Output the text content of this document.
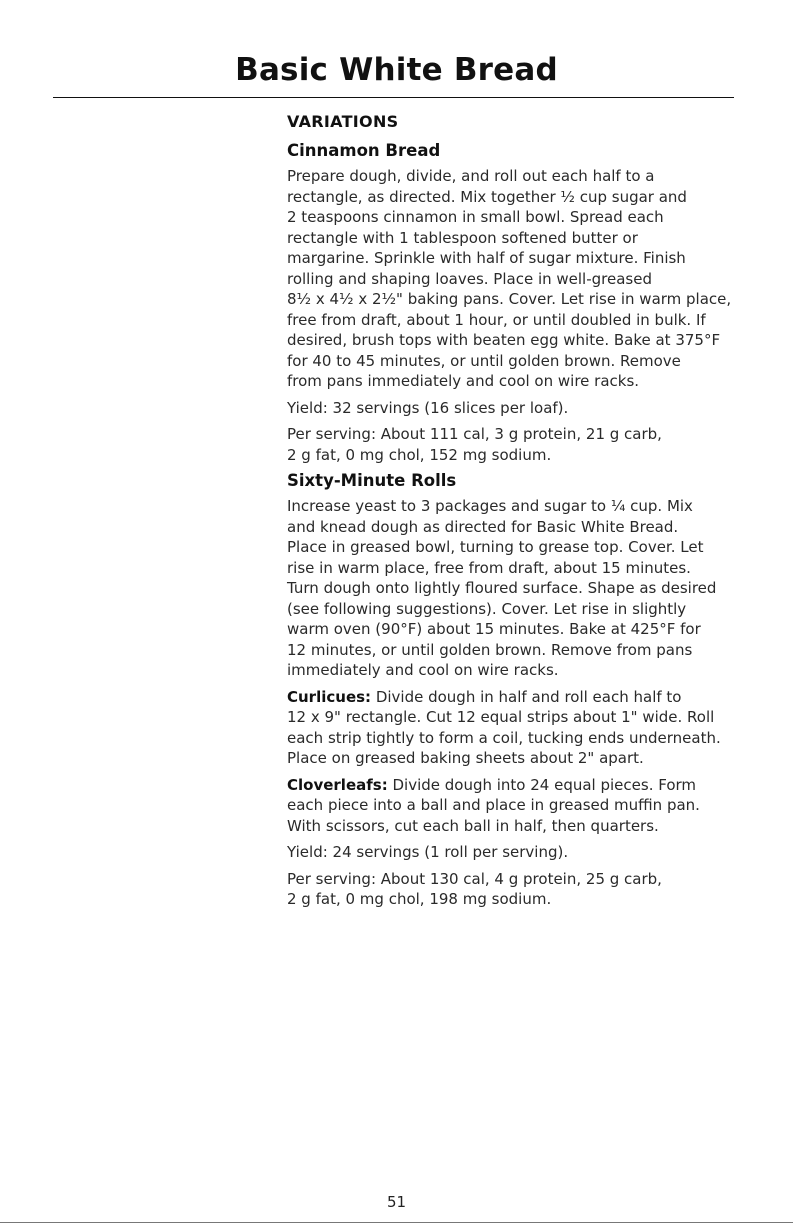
Basic White Bread
VARIATIONS
Cinnamon Bread

Prepare dough, divide, and roll out each half to a
rectangle, as directed. Mix together ¹⁄₂ cup sugar and
2 teaspoons cinnamon in small bowl. Spread each
rectangle with 1 tablespoon softened butter or
margarine. Sprinkle with half of sugar mixture. Finish
rolling and shaping loaves. Place in well-greased
8¹⁄₂ x 4¹⁄₂ x 2¹⁄₂" baking pans. Cover. Let rise in warm place,
free from draft, about 1 hour, or until doubled in bulk. If
desired, brush tops with beaten egg white. Bake at 375°F
for 40 to 45 minutes, or until golden brown. Remove
from pans immediately and cool on wire racks.

Yield: 32 servings (16 slices per loaf).

Per serving: About 111 cal, 3 g protein, 21 g carb,
2 g fat, 0 mg chol, 152 mg sodium.

Sixty-Minute Rolls

Increase yeast to 3 packages and sugar to ¹⁄₄ cup. Mix
and knead dough as directed for Basic White Bread.
Place in greased bowl, turning to grease top. Cover. Let
rise in warm place, free from draft, about 15 minutes.
Turn dough onto lightly floured surface. Shape as desired
(see following suggestions). Cover. Let rise in slightly
warm oven (90°F) about 15 minutes. Bake at 425°F for
12 minutes, or until golden brown. Remove from pans
immediately and cool on wire racks.

Curlicues: Divide dough in half and roll each half to
12 x 9" rectangle. Cut 12 equal strips about 1" wide. Roll
each strip tightly to form a coil, tucking ends underneath.
Place on greased baking sheets about 2" apart.

Cloverleafs: Divide dough into 24 equal pieces. Form
each piece into a ball and place in greased muffin pan.
With scissors, cut each ball in half, then quarters.

Yield: 24 servings (1 roll per serving).

Per serving: About 130 cal, 4 g protein, 25 g carb,
2 g fat, 0 mg chol, 198 mg sodium.

51
